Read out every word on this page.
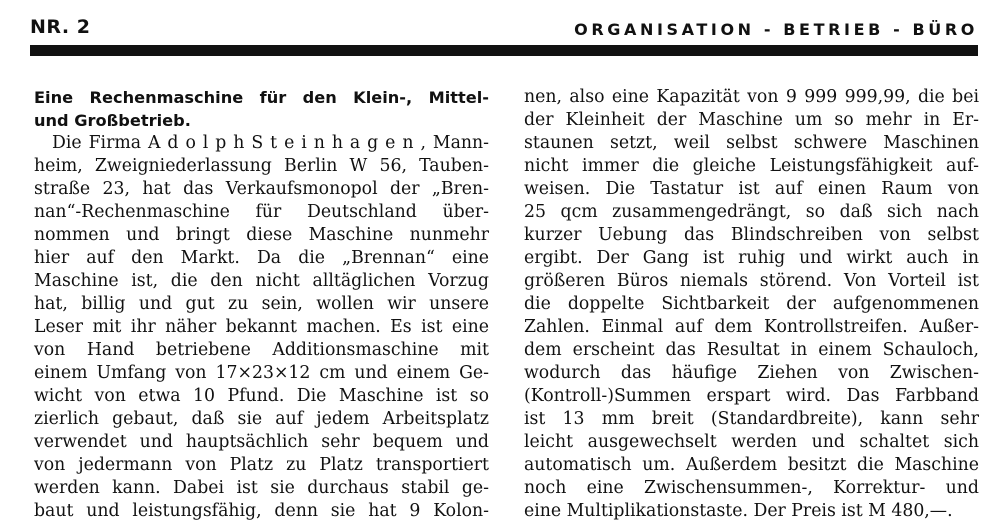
NR. 2	ORGANISATION - BETRIEB - BÜRO
Eine Rechenmaschine für den Klein-, Mittel-
und Großbetrieb.
Die Firma A d o l p h S t e i n h a g e n , Mann-
heim, Zweigniederlassung Berlin W 56, Tauben-
straße 23, hat das Verkaufsmonopol der „Bren-
nan“-Rechenmaschine für Deutschland über-
nommen und bringt diese Maschine nunmehr
hier auf den Markt. Da die „Brennan“ eine
Maschine ist, die den nicht alltäglichen Vorzug
hat, billig und gut zu sein, wollen wir unsere
Leser mit ihr näher bekannt machen. Es ist eine
von Hand betriebene Additionsmaschine mit
einem Umfang von 17×23×12 cm und einem Ge-
wicht von etwa 10 Pfund. Die Maschine ist so
zierlich gebaut, daß sie auf jedem Arbeitsplatz
verwendet und hauptsächlich sehr bequem und
von jedermann von Platz zu Platz transportiert
werden kann. Dabei ist sie durchaus stabil ge-
baut und leistungsfähig, denn sie hat 9 Kolon-
nen, also eine Kapazität von 9 999 999,99, die bei
der Kleinheit der Maschine um so mehr in Er-
staunen setzt, weil selbst schwere Maschinen
nicht immer die gleiche Leistungsfähigkeit auf-
weisen. Die Tastatur ist auf einen Raum von
25 qcm zusammengedrängt, so daß sich nach
kurzer Uebung das Blindschreiben von selbst
ergibt. Der Gang ist ruhig und wirkt auch in
größeren Büros niemals störend. Von Vorteil ist
die doppelte Sichtbarkeit der aufgenommenen
Zahlen. Einmal auf dem Kontrollstreifen. Außer-
dem erscheint das Resultat in einem Schauloch,
wodurch das häufige Ziehen von Zwischen-
(Kontroll-)Summen erspart wird. Das Farbband
ist 13 mm breit (Standardbreite), kann sehr
leicht ausgewechselt werden und schaltet sich
automatisch um. Außerdem besitzt die Maschine
noch eine Zwischensummen-, Korrektur- und
eine Multiplikationstaste. Der Preis ist M 480,—.
